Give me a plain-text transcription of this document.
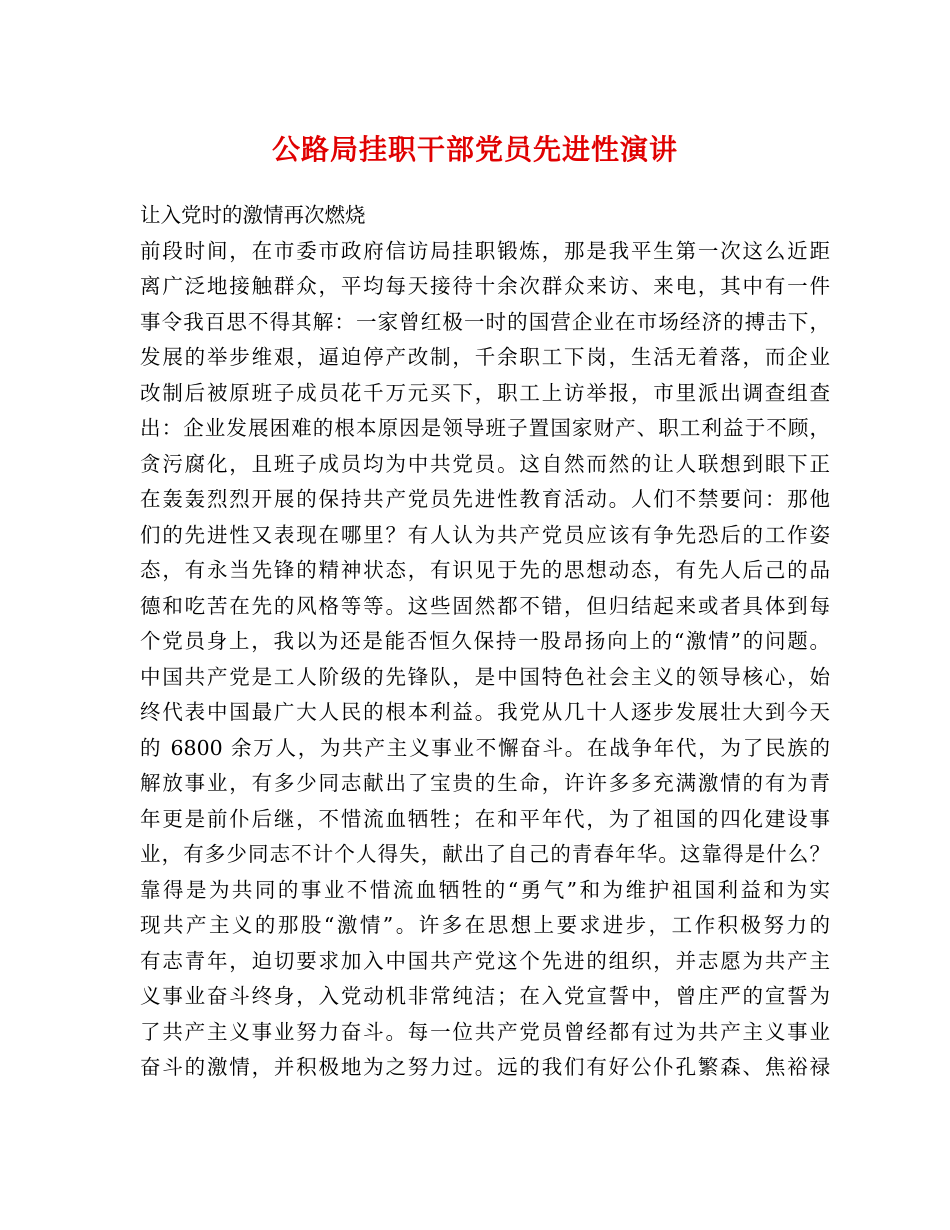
公路局挂职干部党员先进性演讲
让入党时的激情再次燃烧
前段时间，在市委市政府信访局挂职锻炼，那是我平生第一次这么近距
离广泛地接触群众，平均每天接待十余次群众来访、来电，其中有一件
事令我百思不得其解：一家曾红极一时的国营企业在市场经济的搏击下，
发展的举步维艰，逼迫停产改制，千余职工下岗，生活无着落，而企业
改制后被原班子成员花千万元买下，职工上访举报，市里派出调查组查
出：企业发展困难的根本原因是领导班子置国家财产、职工利益于不顾，
贪污腐化，且班子成员均为中共党员。这自然而然的让人联想到眼下正
在轰轰烈烈开展的保持共产党员先进性教育活动。人们不禁要问：那他
们的先进性又表现在哪里？有人认为共产党员应该有争先恐后的工作姿
态，有永当先锋的精神状态，有识见于先的思想动态，有先人后己的品
德和吃苦在先的风格等等。这些固然都不错，但归结起来或者具体到每
个党员身上，我以为还是能否恒久保持一股昂扬向上的“激情”的问题。
中国共产党是工人阶级的先锋队，是中国特色社会主义的领导核心，始
终代表中国最广大人民的根本利益。我党从几十人逐步发展壮大到今天
的 6800 余万人，为共产主义事业不懈奋斗。在战争年代，为了民族的
解放事业，有多少同志献出了宝贵的生命，许许多多充满激情的有为青
年更是前仆后继，不惜流血牺牲；在和平年代，为了祖国的四化建设事
业，有多少同志不计个人得失，献出了自己的青春年华。这靠得是什么？
靠得是为共同的事业不惜流血牺牲的“勇气”和为维护祖国利益和为实
现共产主义的那股“激情”。许多在思想上要求进步，工作积极努力的
有志青年，迫切要求加入中国共产党这个先进的组织，并志愿为共产主
义事业奋斗终身，入党动机非常纯洁；在入党宣誓中，曾庄严的宣誓为
了共产主义事业努力奋斗。每一位共产党员曾经都有过为共产主义事业
奋斗的激情，并积极地为之努力过。远的我们有好公仆孔繁森、焦裕禄
